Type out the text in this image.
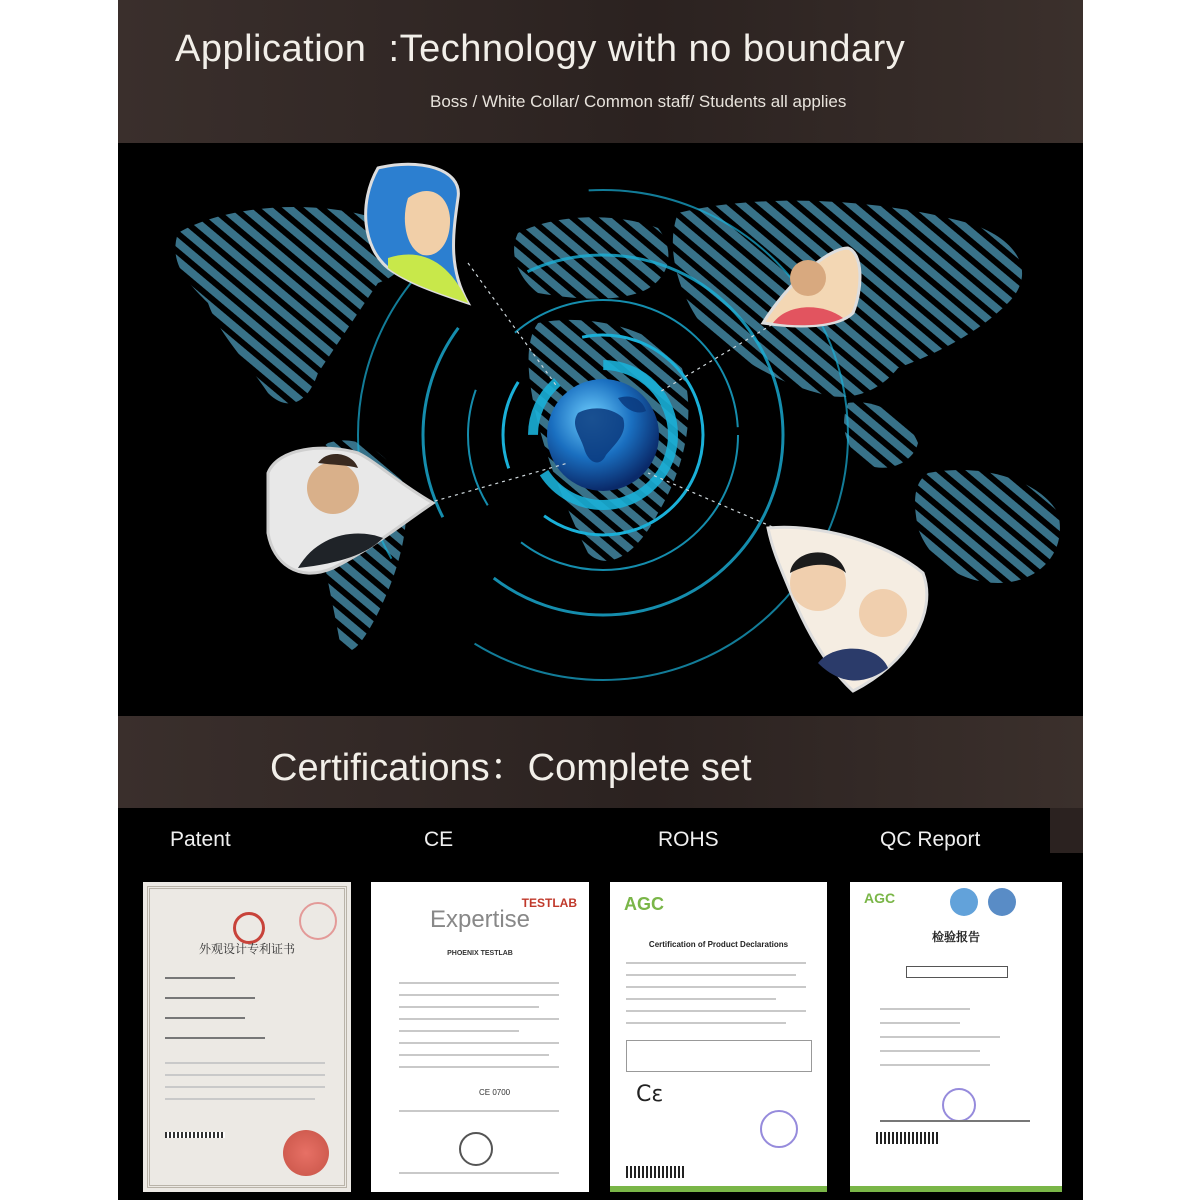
Application  :Technology with no boundary
Boss / White Collar/ Common staff/ Students all applies
Certifications：Complete set
Patent	CE	ROHS	QC Report
外观设计专利证书
TESTLAB
Expertise
PHOENIX TESTLAB
CE 0700
AGC
Certification of Product Declarations
Cε
AGC
检验报告
